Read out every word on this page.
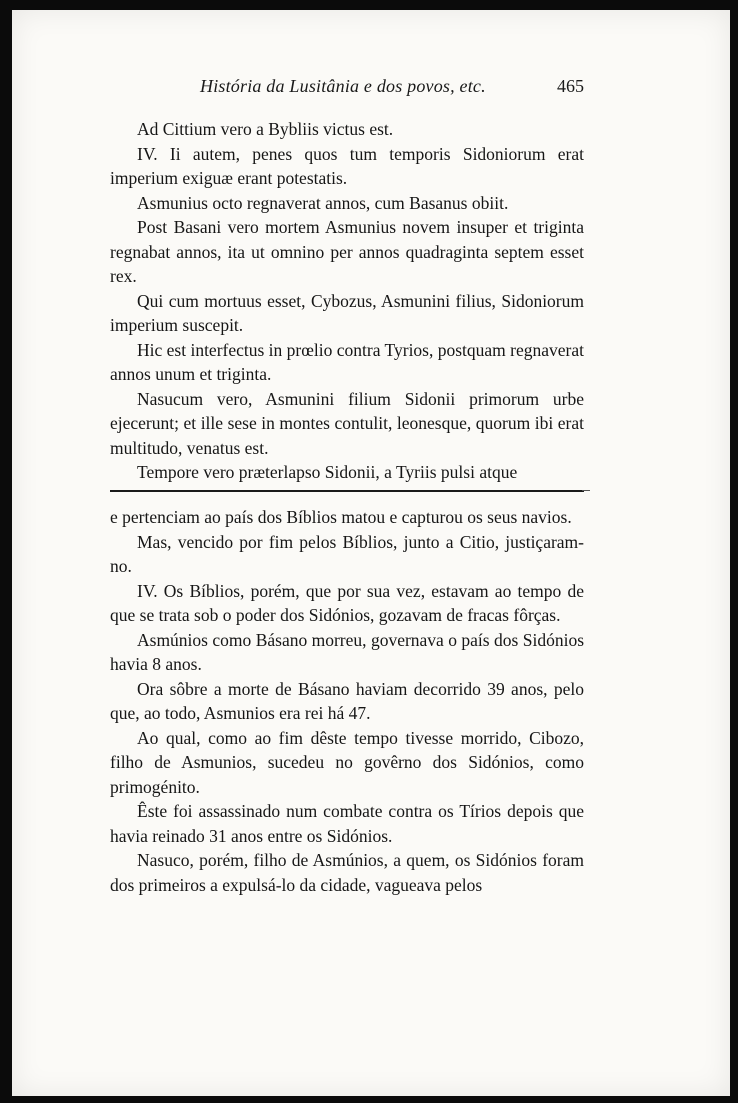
História da Lusitânia e dos povos, etc.	465

Ad Cittium vero a Bybliis victus est.

IV. Ii autem, penes quos tum temporis Sidoniorum erat imperium exiguæ erant potestatis.

Asmunius octo regnaverat annos, cum Basanus obiit.

Post Basani vero mortem Asmunius novem insuper et triginta regnabat annos, ita ut omnino per annos quadraginta septem esset rex.

Qui cum mortuus esset, Cybozus, Asmunini filius, Sidoniorum imperium suscepit.

Hic est interfectus in prœlio contra Tyrios, postquam regnaverat annos unum et triginta.

Nasucum vero, Asmunini filium Sidonii primorum urbe ejecerunt; et ille sese in montes contulit, leonesque, quorum ibi erat multitudo, venatus est.

Tempore vero præterlapso Sidonii, a Tyriis pulsi atque

e pertenciam ao país dos Bíblios matou e capturou os seus navios.

Mas, vencido por fim pelos Bíblios, junto a Citio, justiçaram-no.

IV. Os Bíblios, porém, que por sua vez, estavam ao tempo de que se trata sob o poder dos Sidónios, gozavam de fracas fôrças.

Asmúnios como Básano morreu, governava o país dos Sidónios havia 8 anos.

Ora sôbre a morte de Básano haviam decorrido 39 anos, pelo que, ao todo, Asmunios era rei há 47.

Ao qual, como ao fim dêste tempo tivesse morrido, Cibozo, filho de Asmunios, sucedeu no govêrno dos Sidónios, como primogénito.

Êste foi assassinado num combate contra os Tírios depois que havia reinado 31 anos entre os Sidónios.

Nasuco, porém, filho de Asmúnios, a quem, os Sidónios foram dos primeiros a expulsá-lo da cidade, vagueava pelos
